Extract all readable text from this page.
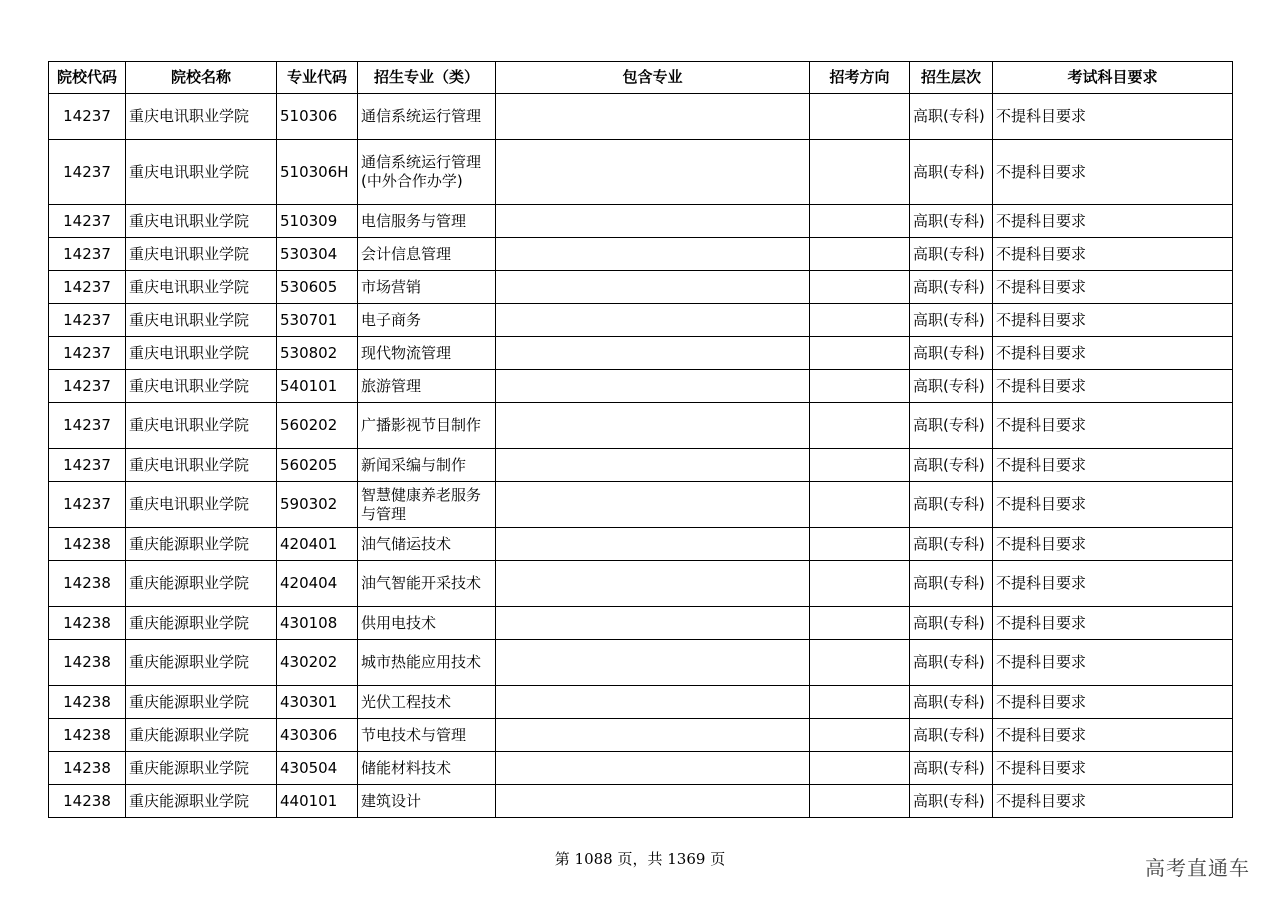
院校代码	院校名称	专业代码	招生专业（类）	包含专业	招考方向	招生层次	考试科目要求
14237	重庆电讯职业学院	510306	通信系统运行管理			高职(专科)	不提科目要求
14237	重庆电讯职业学院	510306H	通信系统运行管理(中外合作办学)			高职(专科)	不提科目要求
14237	重庆电讯职业学院	510309	电信服务与管理			高职(专科)	不提科目要求
14237	重庆电讯职业学院	530304	会计信息管理			高职(专科)	不提科目要求
14237	重庆电讯职业学院	530605	市场营销			高职(专科)	不提科目要求
14237	重庆电讯职业学院	530701	电子商务			高职(专科)	不提科目要求
14237	重庆电讯职业学院	530802	现代物流管理			高职(专科)	不提科目要求
14237	重庆电讯职业学院	540101	旅游管理			高职(专科)	不提科目要求
14237	重庆电讯职业学院	560202	广播影视节目制作			高职(专科)	不提科目要求
14237	重庆电讯职业学院	560205	新闻采编与制作			高职(专科)	不提科目要求
14237	重庆电讯职业学院	590302	智慧健康养老服务与管理			高职(专科)	不提科目要求
14238	重庆能源职业学院	420401	油气储运技术			高职(专科)	不提科目要求
14238	重庆能源职业学院	420404	油气智能开采技术			高职(专科)	不提科目要求
14238	重庆能源职业学院	430108	供用电技术			高职(专科)	不提科目要求
14238	重庆能源职业学院	430202	城市热能应用技术			高职(专科)	不提科目要求
14238	重庆能源职业学院	430301	光伏工程技术			高职(专科)	不提科目要求
14238	重庆能源职业学院	430306	节电技术与管理			高职(专科)	不提科目要求
14238	重庆能源职业学院	430504	储能材料技术			高职(专科)	不提科目要求
14238	重庆能源职业学院	440101	建筑设计			高职(专科)	不提科目要求
第 1088 页，共 1369 页	高考直通车
